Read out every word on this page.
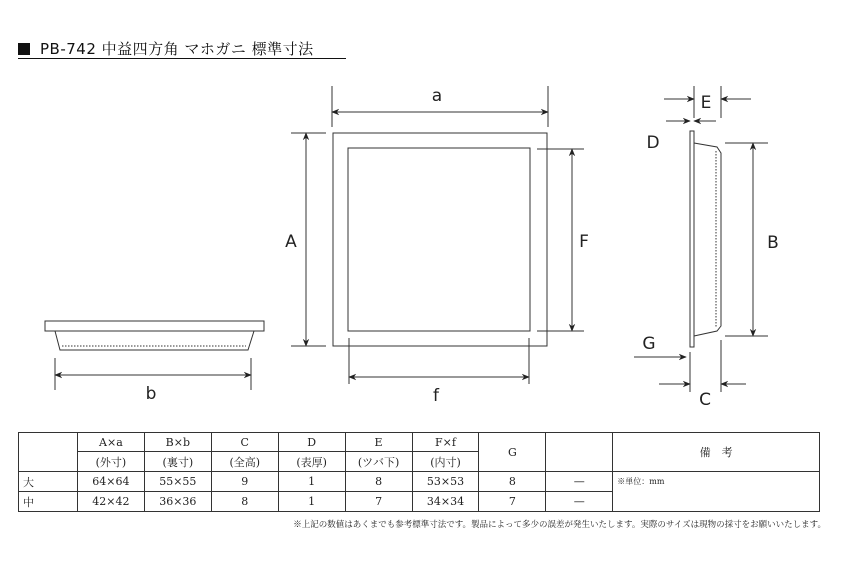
PB-742 中益四方角 マホガニ 標準寸法
b
a
A	F
f
E
D
B
G
C
	A×a	B×b	C	D	E	F×f	G		備　考
	(外寸)	(裏寸)	(全高)	(表厚)	(ツバ下)	(内寸)			
大	64×64	55×55	9	1	8	53×53	8	—	※単位：mm
中	42×42	36×36	8	1	7	34×34	7	—	
※上記の数値はあくまでも参考標準寸法です。製品によって多少の誤差が発生いたします。実際のサイズは現物の採寸をお願いいたします。
